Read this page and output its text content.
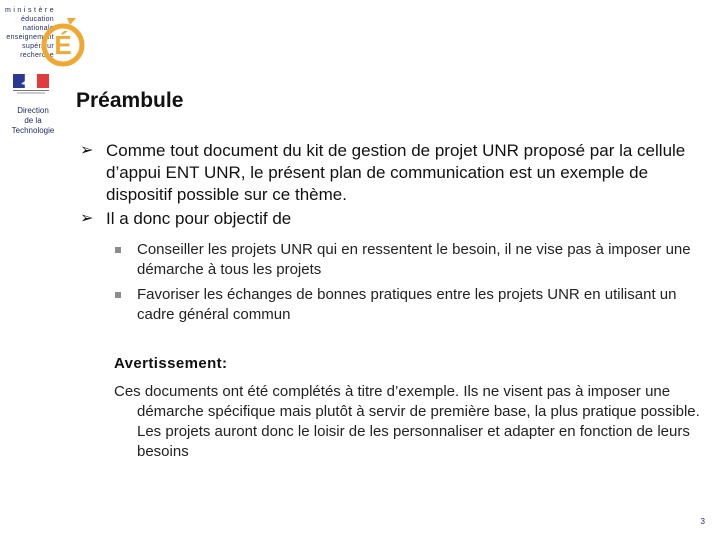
m i n i s t è r e
éducation
nationale
enseignement
supérieur
recherche É
Direction
de la
Technologie
Préambule
➢ Comme tout document du kit de gestion de projet UNR proposé par la cellule d’appui ENT UNR, le présent plan de communication est un exemple de dispositif possible sur ce thème.
➢ Il a donc pour objectif de
Conseiller les projets UNR qui en ressentent le besoin, il ne vise pas à imposer une démarche à tous les projets
Favoriser les échanges de bonnes pratiques entre les projets UNR en utilisant un cadre général commun

Avertissement:

Ces documents ont été complétés à titre d’exemple. Ils ne visent pas à imposer une démarche spécifique mais plutôt à servir de première base, la plus pratique possible. Les projets auront donc le loisir de les personnaliser et adapter en fonction de leurs besoins

3
